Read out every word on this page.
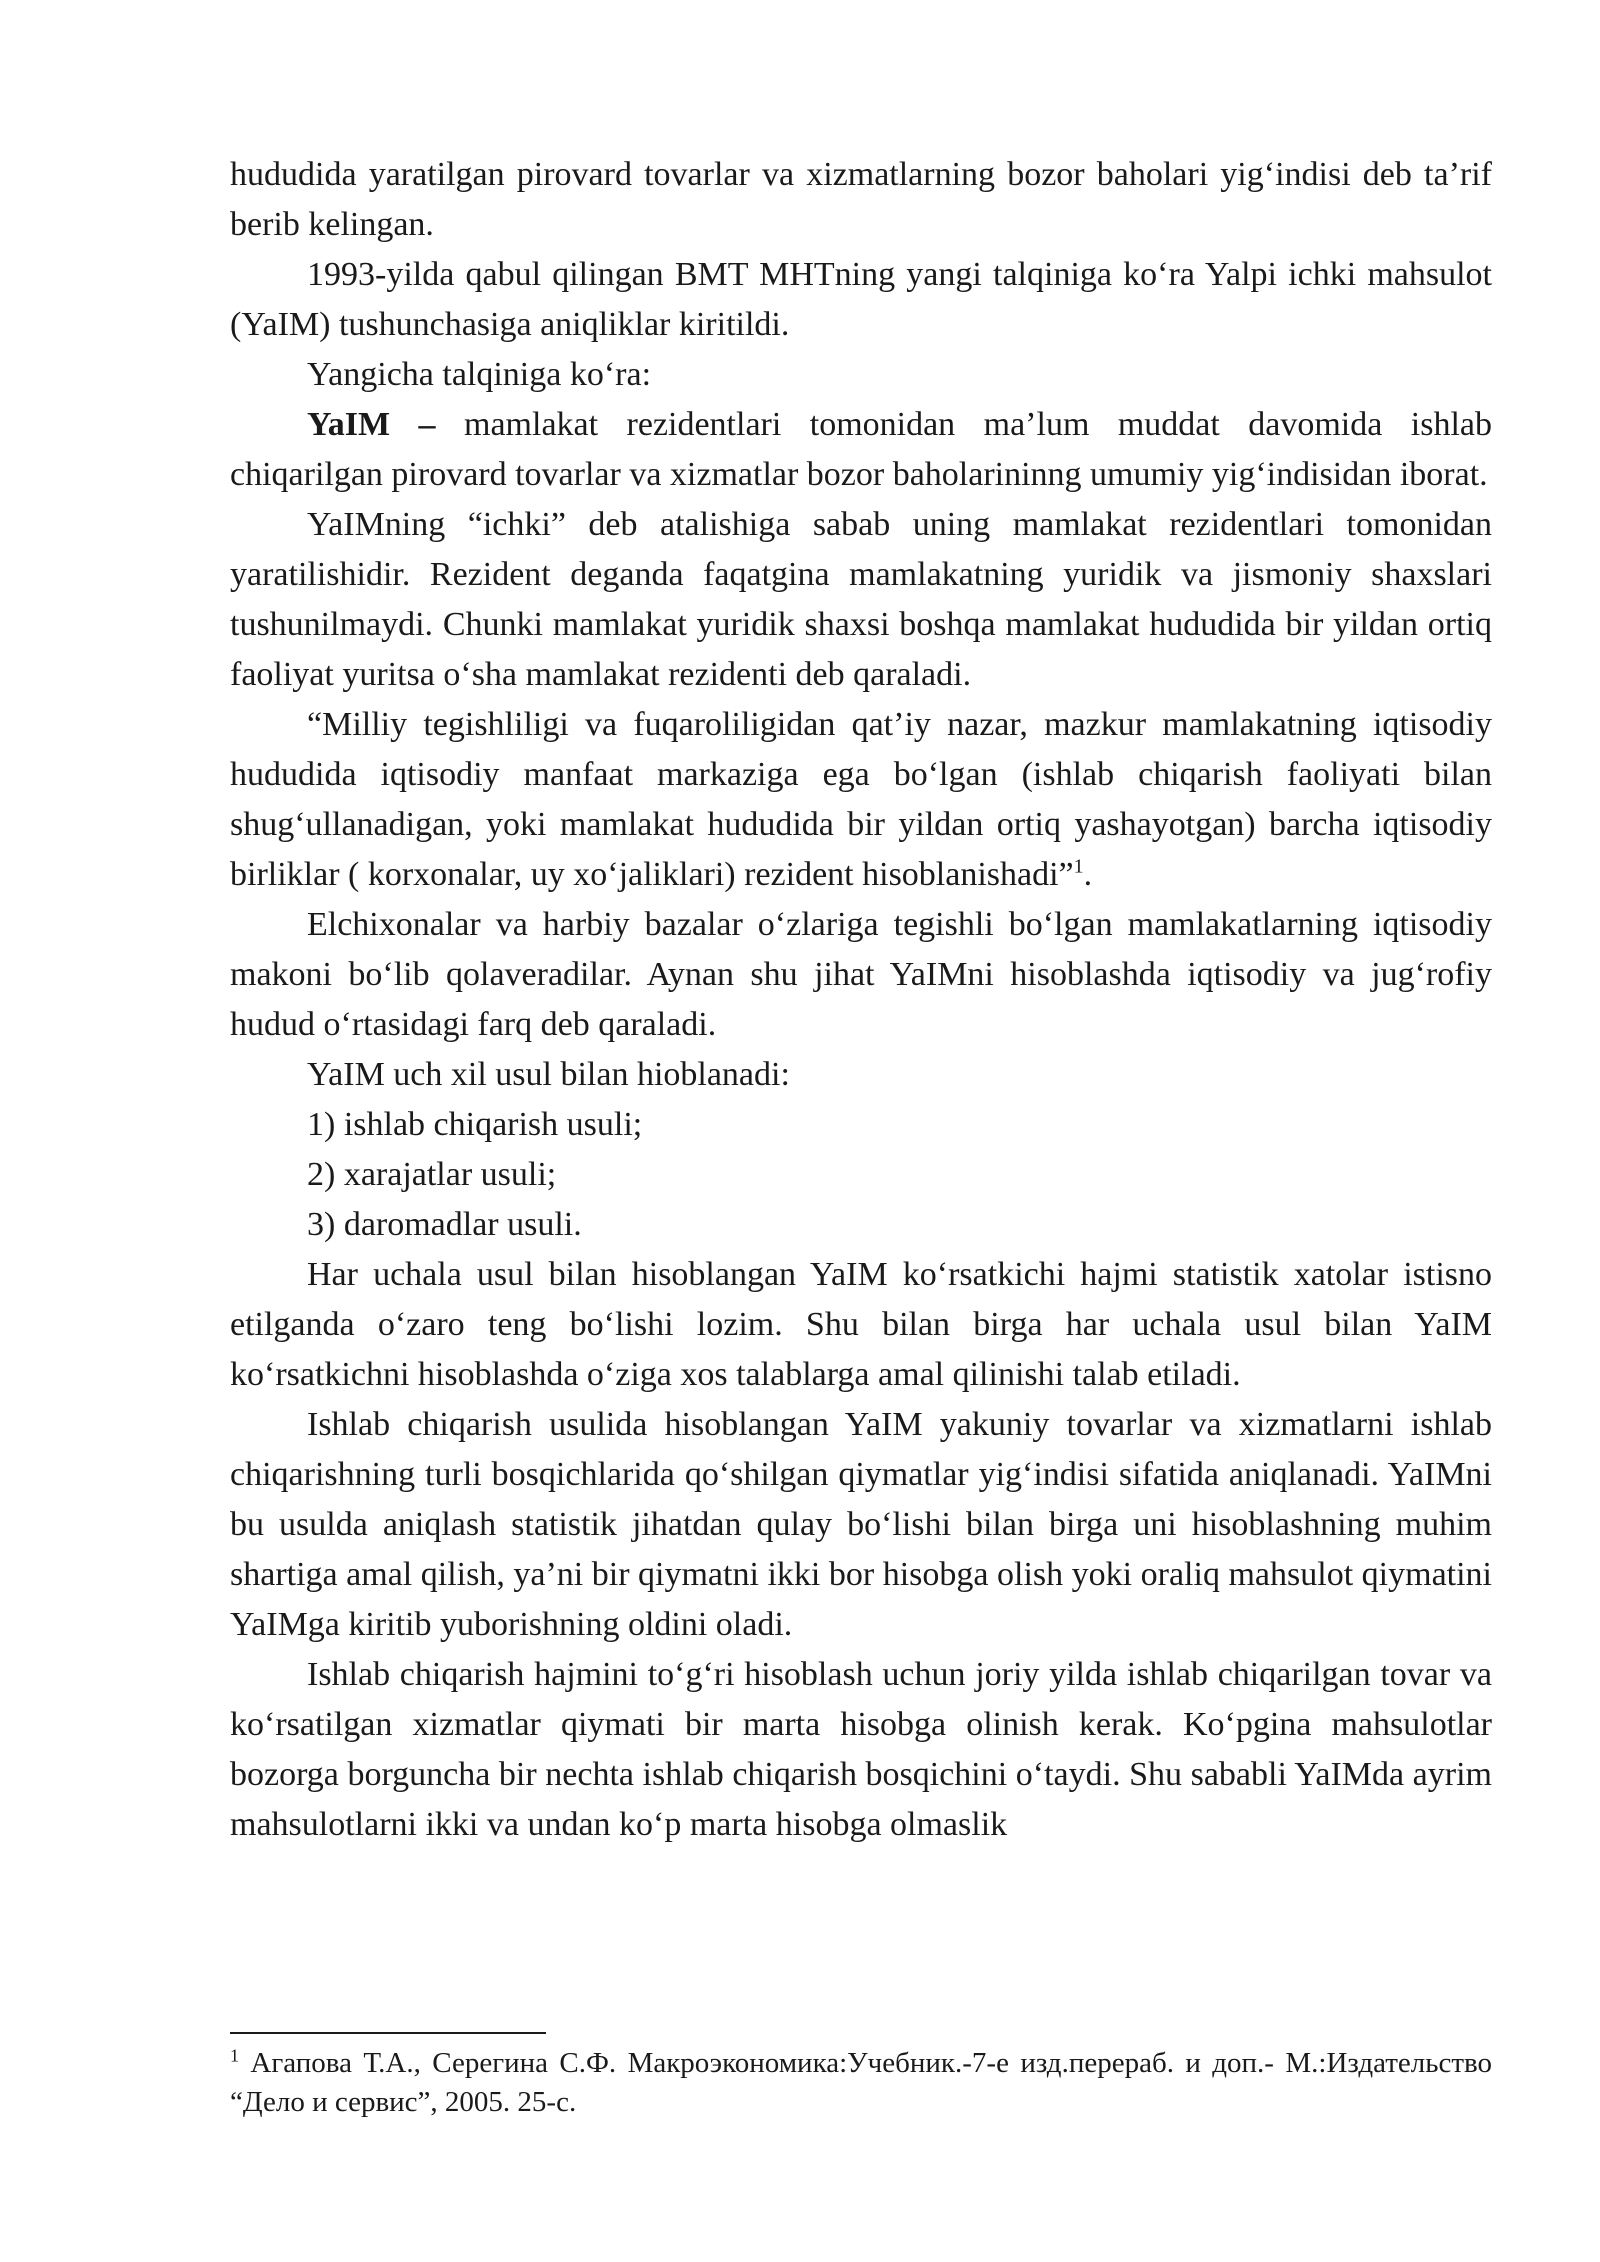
hududida yaratilgan pirovard tovarlar va xizmatlarning bozor baholari yig‘indisi deb ta’rif berib kelingan.

1993-yilda qabul qilingan BMT MHTning yangi talqiniga ko‘ra Yalpi ichki mahsulot (YaIM) tushunchasiga aniqliklar kiritildi.

Yangicha talqiniga ko‘ra:

YaIM – mamlakat rezidentlari tomonidan ma’lum muddat davomida ishlab chiqarilgan pirovard tovarlar va xizmatlar bozor baholarininng umumiy yig‘indisidan iborat.

YaIMning “ichki” deb atalishiga sabab uning mamlakat rezidentlari tomonidan yaratilishidir. Rezident deganda faqatgina mamlakatning yuridik va jismoniy shaxslari tushunilmaydi. Chunki mamlakat yuridik shaxsi boshqa mamlakat hududida bir yildan ortiq faoliyat yuritsa o‘sha mamlakat rezidenti deb qaraladi.

“Milliy tegishliligi va fuqaroliligidan qat’iy nazar, mazkur mamlakatning iqtisodiy hududida iqtisodiy manfaat markaziga ega bo‘lgan (ishlab chiqarish faoliyati bilan shug‘ullanadigan, yoki mamlakat hududida bir yildan ortiq yashayotgan) barcha iqtisodiy birliklar ( korxonalar, uy xo‘jaliklari) rezident hisoblanishadi”$^1$.

Elchixonalar va harbiy bazalar o‘zlariga tegishli bo‘lgan mamlakatlarning iqtisodiy makoni bo‘lib qolaveradilar. Aynan shu jihat YaIMni hisoblashda iqtisodiy va jug‘rofiy hudud o‘rtasidagi farq deb qaraladi.

YaIM uch xil usul bilan hioblanadi:

1) ishlab chiqarish usuli;

2) xarajatlar usuli;

3) daromadlar usuli.

Har uchala usul bilan hisoblangan YaIM ko‘rsatkichi hajmi statistik xatolar istisno etilganda o‘zaro teng bo‘lishi lozim. Shu bilan birga har uchala usul bilan YaIM ko‘rsatkichni hisoblashda o‘ziga xos talablarga amal qilinishi talab etiladi.

Ishlab chiqarish usulida hisoblangan YaIM yakuniy tovarlar va xizmatlarni ishlab chiqarishning turli bosqichlarida qo‘shilgan qiymatlar yig‘indisi sifatida aniqlanadi. YaIMni bu usulda aniqlash statistik jihatdan qulay bo‘lishi bilan birga uni hisoblashning muhim shartiga amal qilish, ya’ni bir qiymatni ikki bor hisobga olish yoki oraliq mahsulot qiymatini YaIMga kiritib yuborishning oldini oladi.

Ishlab chiqarish hajmini to‘g‘ri hisoblash uchun joriy yilda ishlab chiqarilgan tovar va ko‘rsatilgan xizmatlar qiymati bir marta hisobga olinish kerak. Ko‘pgina mahsulotlar bozorga borguncha bir nechta ishlab chiqarish bosqichini o‘taydi. Shu sababli YaIMda ayrim mahsulotlarni ikki va undan ko‘p marta hisobga olmaslik

$^1$ Агапова Т.А., Серегина С.Ф. Макроэкономика:Учебник.-7-е изд.перераб. и доп.- М.:Издательство “Дело и сервис”, 2005. 25-с.
